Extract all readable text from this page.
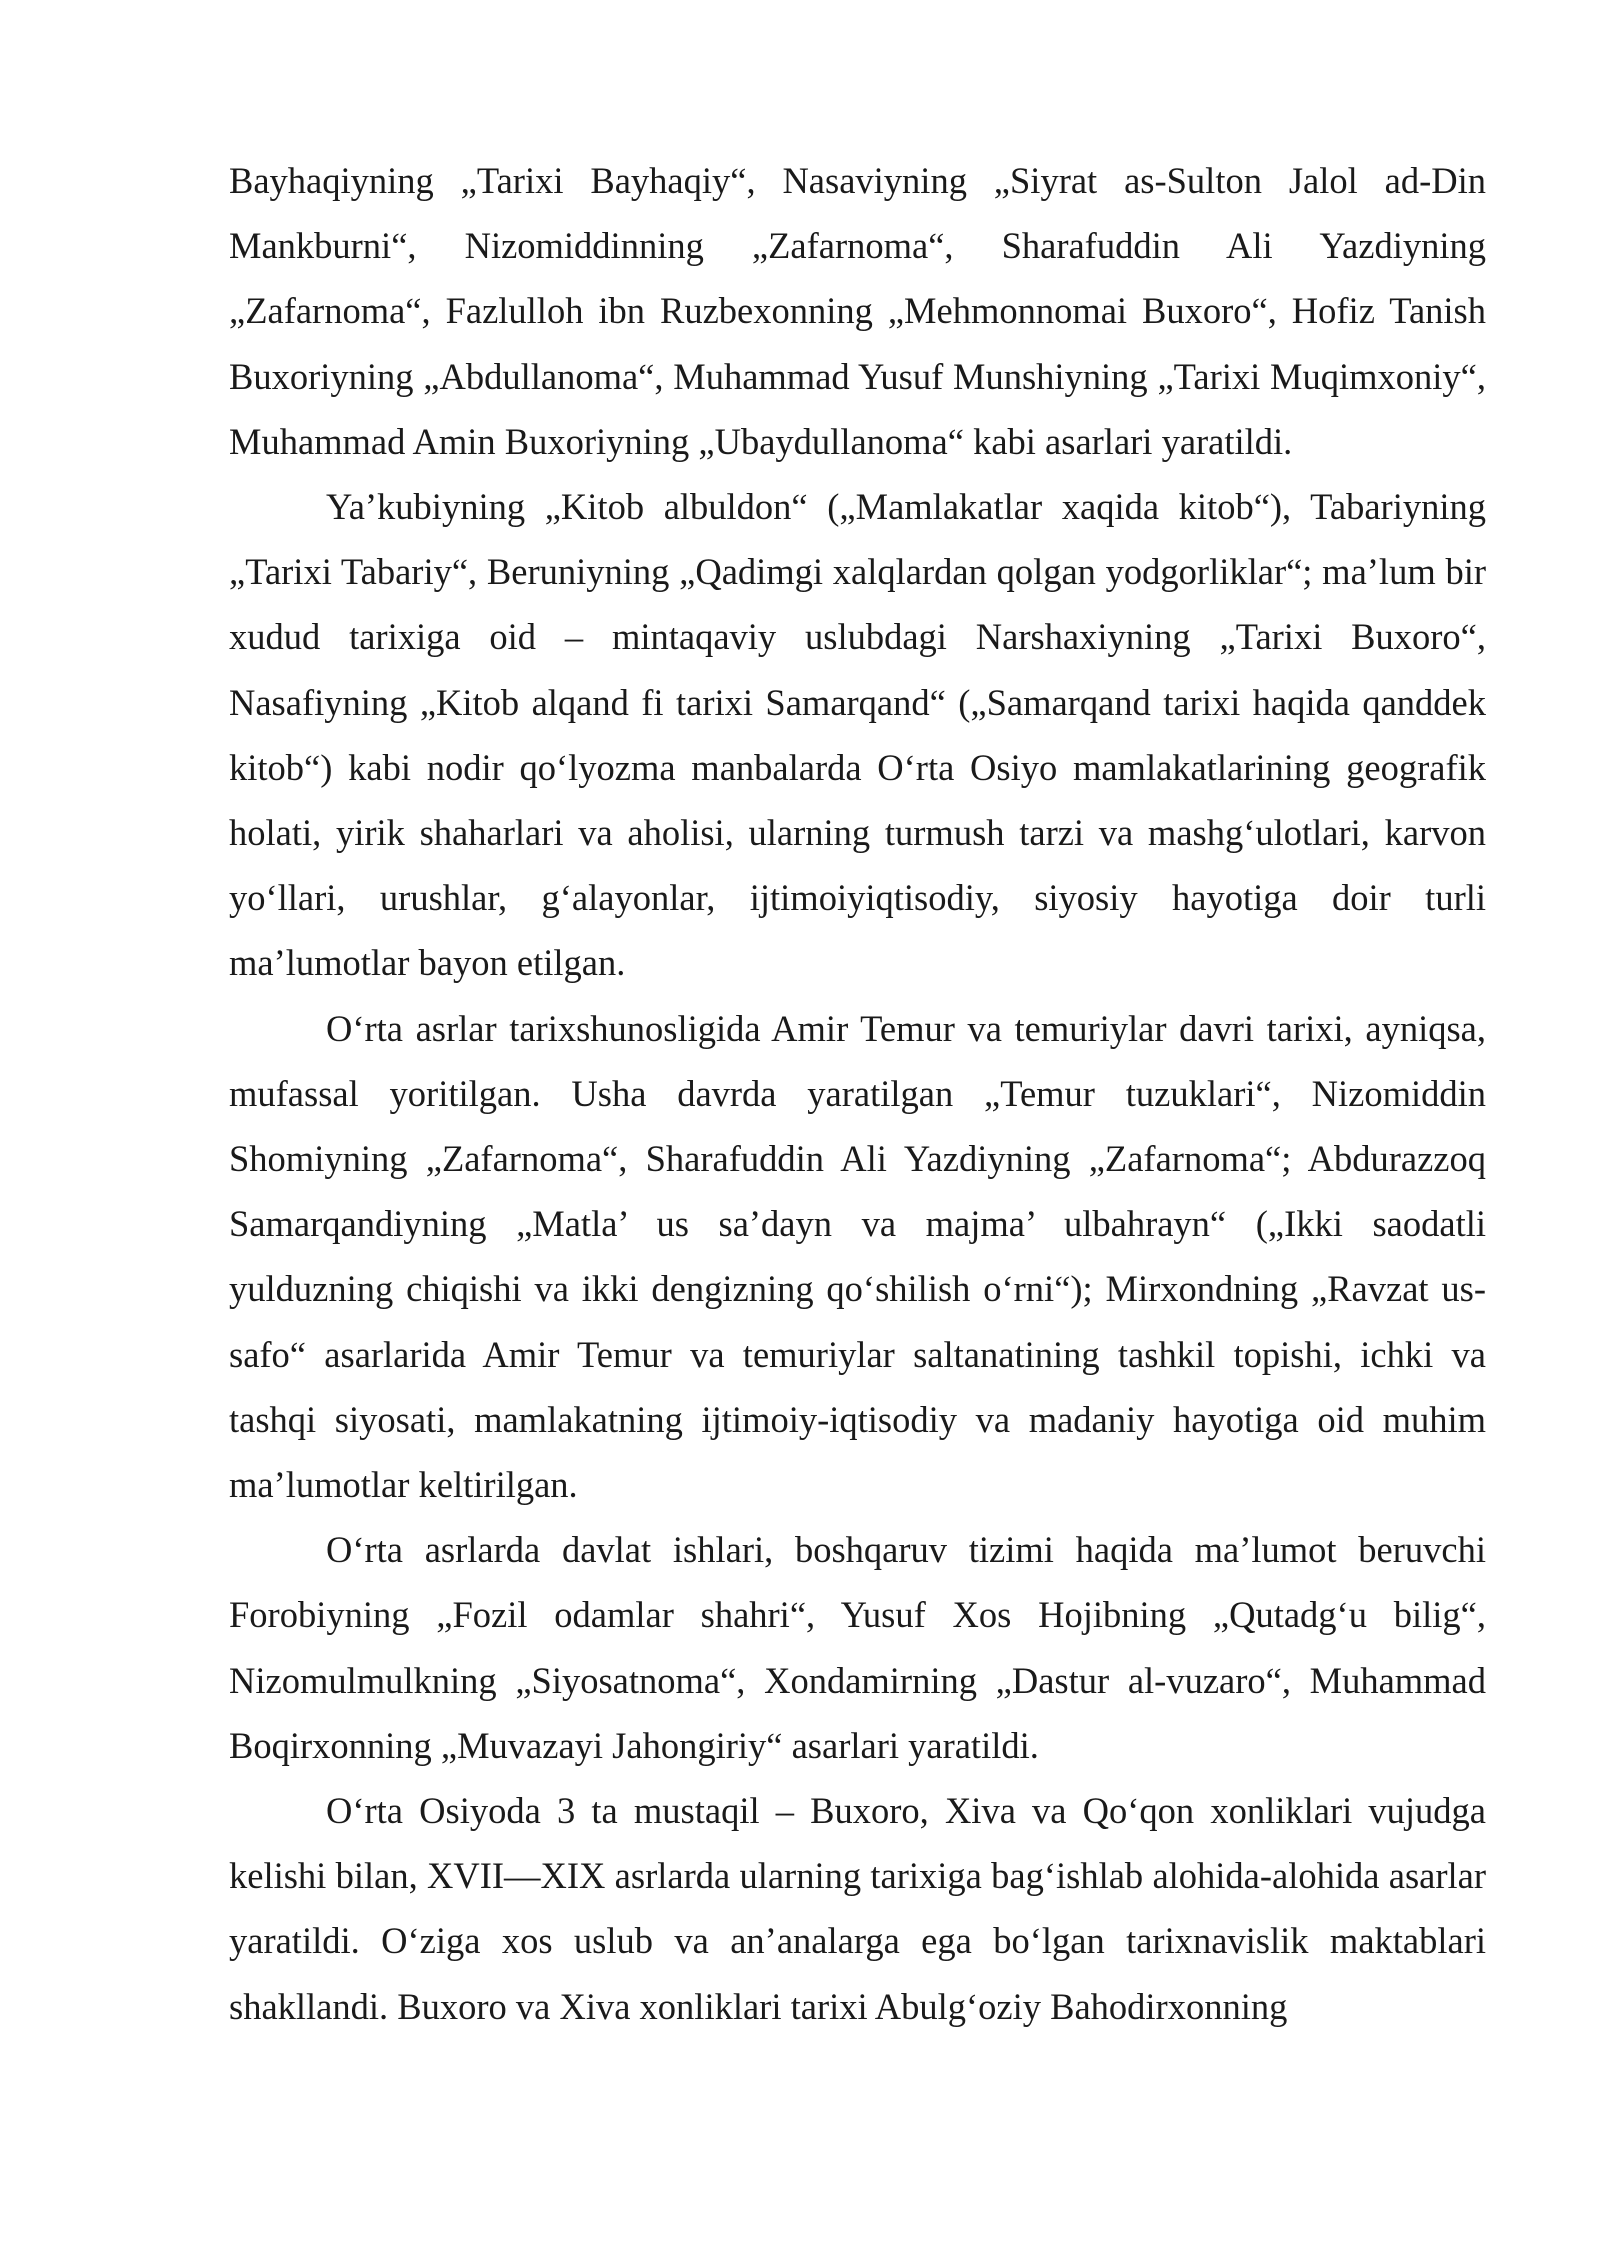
Bayhaqiyning „Tarixi Bayhaqiy“, Nasaviyning „Siyrat as-Sulton Jalol ad-Din Mankburni“, Nizomiddinning „Zafarnoma“, Sharafuddin Ali Yazdiyning „Zafarnoma“, Fazlulloh ibn Ruzbexonning „Mehmonnomai Buxoro“, Hofiz Tanish Buxoriyning „Abdullanoma“, Muhammad Yusuf Munshiyning „Tarixi Muqimxoniy“, Muhammad Amin Buxoriyning „Ubaydullanoma“ kabi asarlari yaratildi.

Ya’kubiyning „Kitob albuldon“ („Mamlakatlar xaqida kitob“), Tabariyning „Tarixi Tabariy“, Beruniyning „Qadimgi xalqlardan qolgan yodgorliklar“; ma’lum bir xudud tarixiga oid – mintaqaviy uslubdagi Narshaxiyning „Tarixi Buxoro“, Nasafiyning „Kitob alqand fi tarixi Samarqand“ („Samarqand tarixi haqida qanddek kitob“) kabi nodir qo‘lyozma manbalarda O‘rta Osiyo mamlakatlarining geografik holati, yirik shaharlari va aholisi, ularning turmush tarzi va mashg‘ulotlari, karvon yo‘llari, urushlar, g‘alayonlar, ijtimoiyiqtisodiy, siyosiy hayotiga doir turli ma’lumotlar bayon etilgan.

O‘rta asrlar tarixshunosligida Amir Temur va temuriylar davri tarixi, ayniqsa, mufassal yoritilgan. Usha davrda yaratilgan „Temur tuzuklari“, Nizomiddin Shomiyning „Zafarnoma“, Sharafuddin Ali Yazdiyning „Zafarnoma“; Abdurazzoq Samarqandiyning „Matla’ us sa’dayn va majma’ ulbahrayn“ („Ikki saodatli yulduzning chiqishi va ikki dengizning qo‘shilish o‘rni“); Mirxondning „Ravzat us-safo“ asarlarida Amir Temur va temuriylar saltanatining tashkil topishi, ichki va tashqi siyosati, mamlakatning ijtimoiy-iqtisodiy va madaniy hayotiga oid muhim ma’lumotlar keltirilgan.

O‘rta asrlarda davlat ishlari, boshqaruv tizimi haqida ma’lumot beruvchi Forobiyning „Fozil odamlar shahri“, Yusuf Xos Hojibning „Qutadg‘u bilig“, Nizomulmulkning „Siyosatnoma“, Xondamirning „Dastur al-vuzaro“, Muhammad Boqirxonning „Muvazayi Jahongiriy“ asarlari yaratildi.

O‘rta Osiyoda 3 ta mustaqil – Buxoro, Xiva va Qo‘qon xonliklari vujudga kelishi bilan, XVII—XIX asrlarda ularning tarixiga bag‘ishlab alohida-alohida asarlar yaratildi. O‘ziga xos uslub va an’analarga ega bo‘lgan tarixnavislik maktablari shakllandi. Buxoro va Xiva xonliklari tarixi Abulg‘oziy Bahodirxonning
